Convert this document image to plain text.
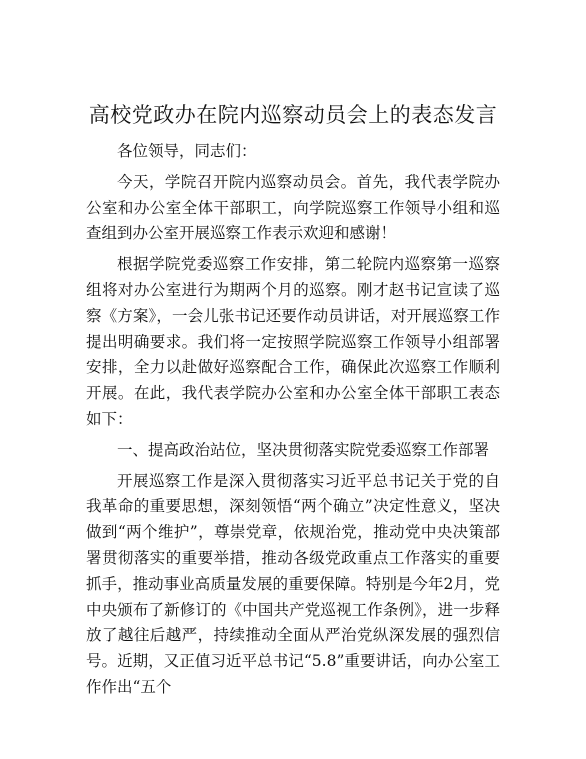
高校党政办在院内巡察动员会上的表态发言

各位领导，同志们：

今天，学院召开院内巡察动员会。首先，我代表学院办公室和办公室全体干部职工，向学院巡察工作领导小组和巡查组到办公室开展巡察工作表示欢迎和感谢！

根据学院党委巡察工作安排，第二轮院内巡察第一巡察组将对办公室进行为期两个月的巡察。刚才赵书记宣读了巡察《方案》，一会儿张书记还要作动员讲话，对开展巡察工作提出明确要求。我们将一定按照学院巡察工作领导小组部署安排，全力以赴做好巡察配合工作，确保此次巡察工作顺利开展。在此，我代表学院办公室和办公室全体干部职工表态如下：

一、提高政治站位，坚决贯彻落实院党委巡察工作部署

开展巡察工作是深入贯彻落实习近平总书记关于党的自我革命的重要思想，深刻领悟“两个确立”决定性意义，坚决做到“两个维护”，尊崇党章，依规治党，推动党中央决策部署贯彻落实的重要举措，推动各级党政重点工作落实的重要抓手，推动事业高质量发展的重要保障。特别是今年2月，党中央颁布了新修订的《中国共产党巡视工作条例》，进一步释放了越往后越严，持续推动全面从严治党纵深发展的强烈信号。近期，又正值习近平总书记“5.8”重要讲话，向办公室工作作出“五个
